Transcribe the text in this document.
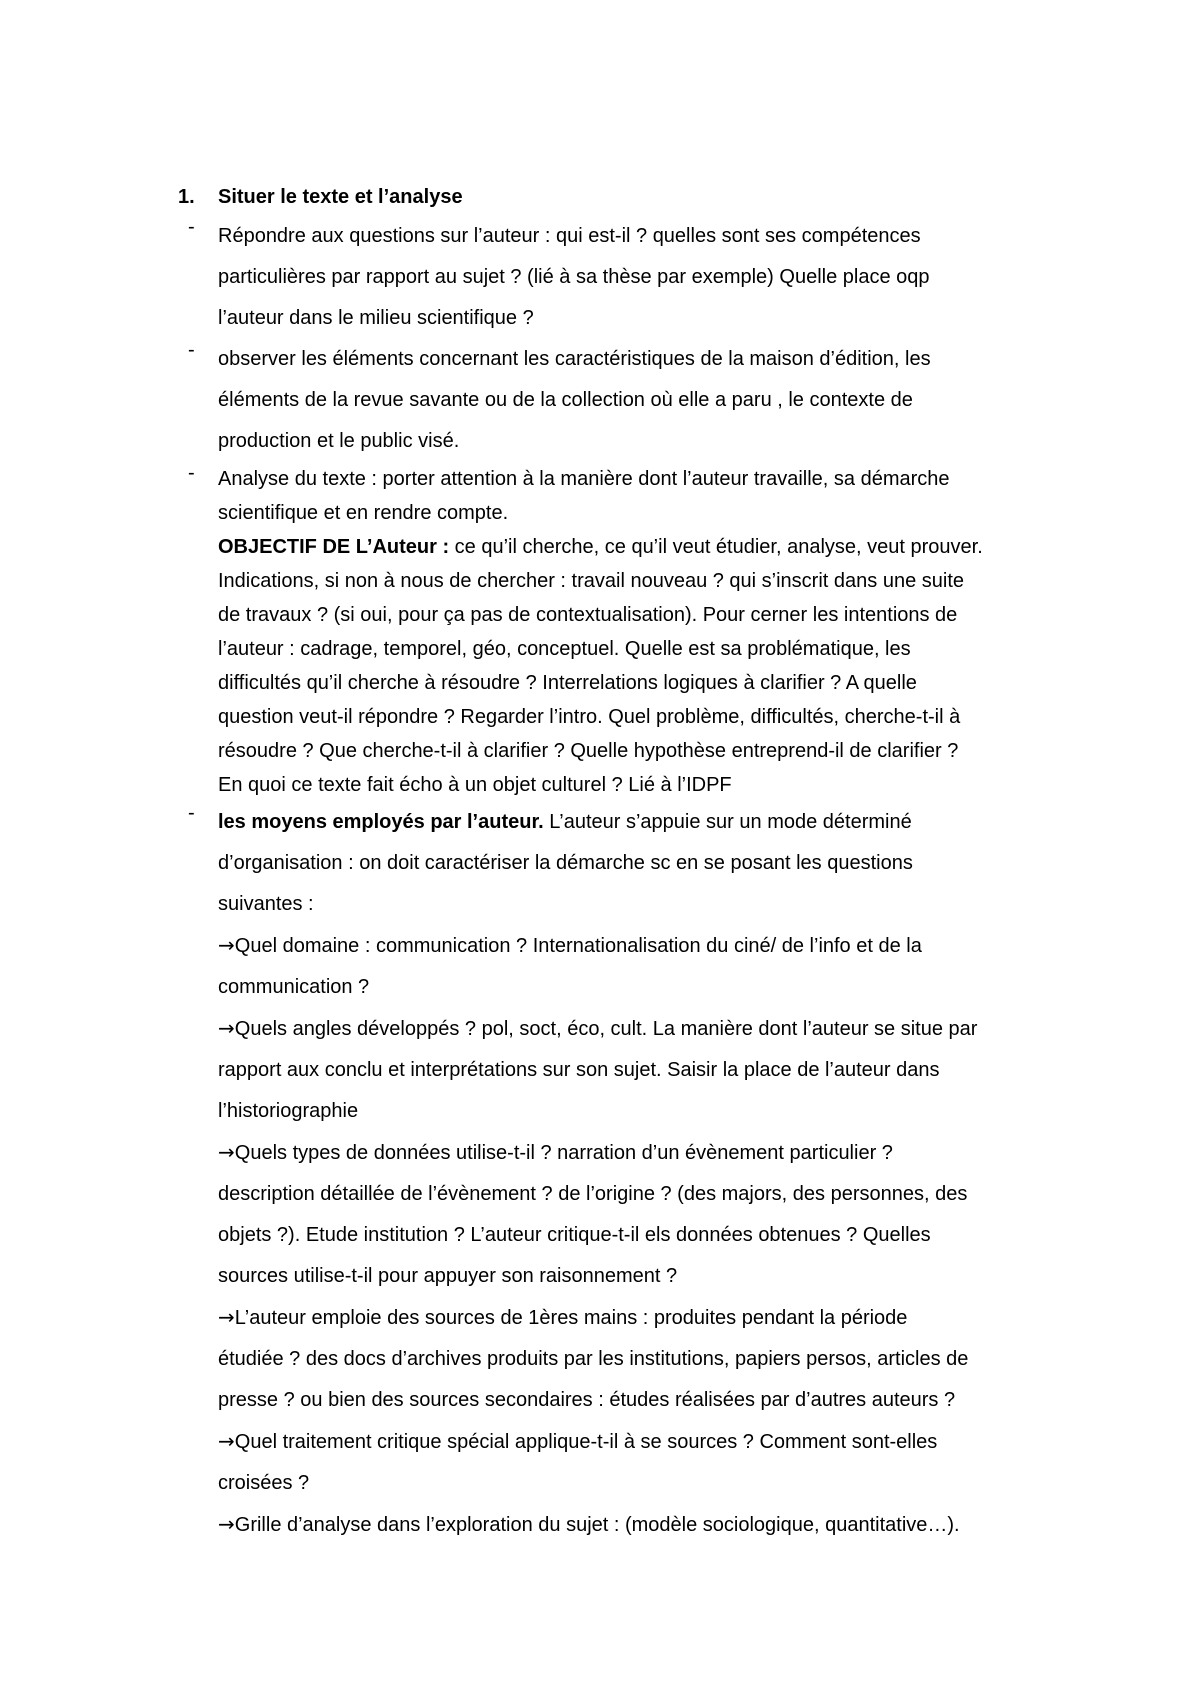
1. Situer le texte et l’analyse
- Répondre aux questions sur l’auteur : qui est-il ? quelles sont ses compétences

particulières par rapport au sujet ? (lié à sa thèse par exemple) Quelle place oqp

l’auteur dans le milieu scientifique ?

- observer les éléments concernant les caractéristiques de la maison d’édition, les

éléments de la revue savante ou de la collection où elle a paru , le contexte de

production et le public visé.

- Analyse du texte : porter attention à la manière dont l’auteur travaille, sa démarche

scientifique et en rendre compte.

OBJECTIF DE L’Auteur : ce qu’il cherche, ce qu’il veut étudier, analyse, veut prouver.

Indications, si non à nous de chercher : travail nouveau ? qui s’inscrit dans une suite

de travaux ? (si oui, pour ça pas de contextualisation). Pour cerner les intentions de

l’auteur : cadrage, temporel, géo, conceptuel. Quelle est sa problématique, les

difficultés qu’il cherche à résoudre ? Interrelations logiques à clarifier ? A quelle

question veut-il répondre ? Regarder l’intro. Quel problème, difficultés, cherche-t-il à

résoudre ? Que cherche-t-il à clarifier ? Quelle hypothèse entreprend-il de clarifier ?

En quoi ce texte fait écho à un objet culturel ? Lié à l’IDPF

- les moyens employés par l’auteur. L’auteur s’appuie sur un mode déterminé

d’organisation : on doit caractériser la démarche sc en se posant les questions

suivantes :

→Quel domaine : communication ? Internationalisation du ciné/ de l’info et de la

communication ?

→Quels angles développés ? pol, soct, éco, cult. La manière dont l’auteur se situe par

rapport aux conclu et interprétations sur son sujet. Saisir la place de l’auteur dans

l’historiographie

→Quels types de données utilise-t-il ? narration d’un évènement particulier ?

description détaillée de l’évènement ? de l’origine ? (des majors, des personnes, des

objets ?). Etude institution ? L’auteur critique-t-il els données obtenues ? Quelles

sources utilise-t-il pour appuyer son raisonnement ?

→L’auteur emploie des sources de 1ères mains : produites pendant la période

étudiée ? des docs d’archives produits par les institutions, papiers persos, articles de

presse ? ou bien des sources secondaires : études réalisées par d’autres auteurs ?

→Quel traitement critique spécial applique-t-il à se sources ? Comment sont-elles

croisées ?

→Grille d’analyse dans l’exploration du sujet : (modèle sociologique, quantitative…).
